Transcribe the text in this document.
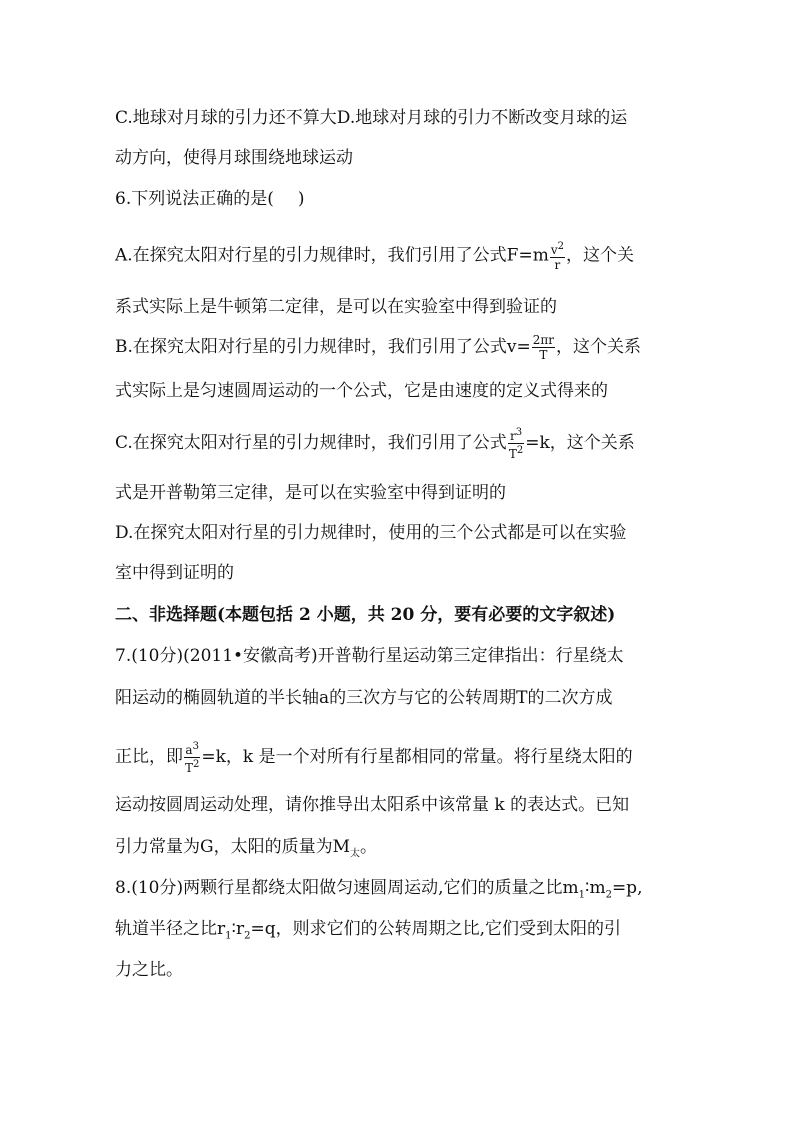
C.地球对月球的引力还不算大D.地球对月球的引力不断改变月球的运
动方向，使得月球围绕地球运动
6.下列说法正确的是( )
A.在探究太阳对行星的引力规律时，我们引用了公式$F=m \frac{v^2}{r}$ ，这个关
系式实际上是牛顿第二定律，是可以在实验室中得到验证的
B.在探究太阳对行星的引力规律时，我们引用了公式$v= \frac{2\pi r}{T}$ ，这个关系
式实际上是匀速圆周运动的一个公式，它是由速度的定义式得来的
C.在探究太阳对行星的引力规律时，我们引用了公式 $\frac{r^3}{T^2} =k$，这个关系
式是开普勒第三定律，是可以在实验室中得到证明的
D.在探究太阳对行星的引力规律时，使用的三个公式都是可以在实验
室中得到证明的
二、非选择题(本题包括 2 小题，共 20 分，要有必要的文字叙述)
7.(10分)(2011•安徽高考)开普勒行星运动第三定律指出：行星绕太
阳运动的椭圆轨道的半长轴a的三次方与它的公转周期T的二次方成
正比，即 $\frac{a^3}{T^2} =k$，k 是一个对所有行星都相同的常量。将行星绕太阳的
运动按圆周运动处理，请你推导出太阳系中该常量 k 的表达式。已知
引力常量为G，太阳的质量为$M_太$。
8.(10分)两颗行星都绕太阳做匀速圆周运动,它们的质量之比$m_1∶m_2=p$,
轨道半径之比$r_1∶r_2=q$，则求它们的公转周期之比,它们受到太阳的引
力之比。
